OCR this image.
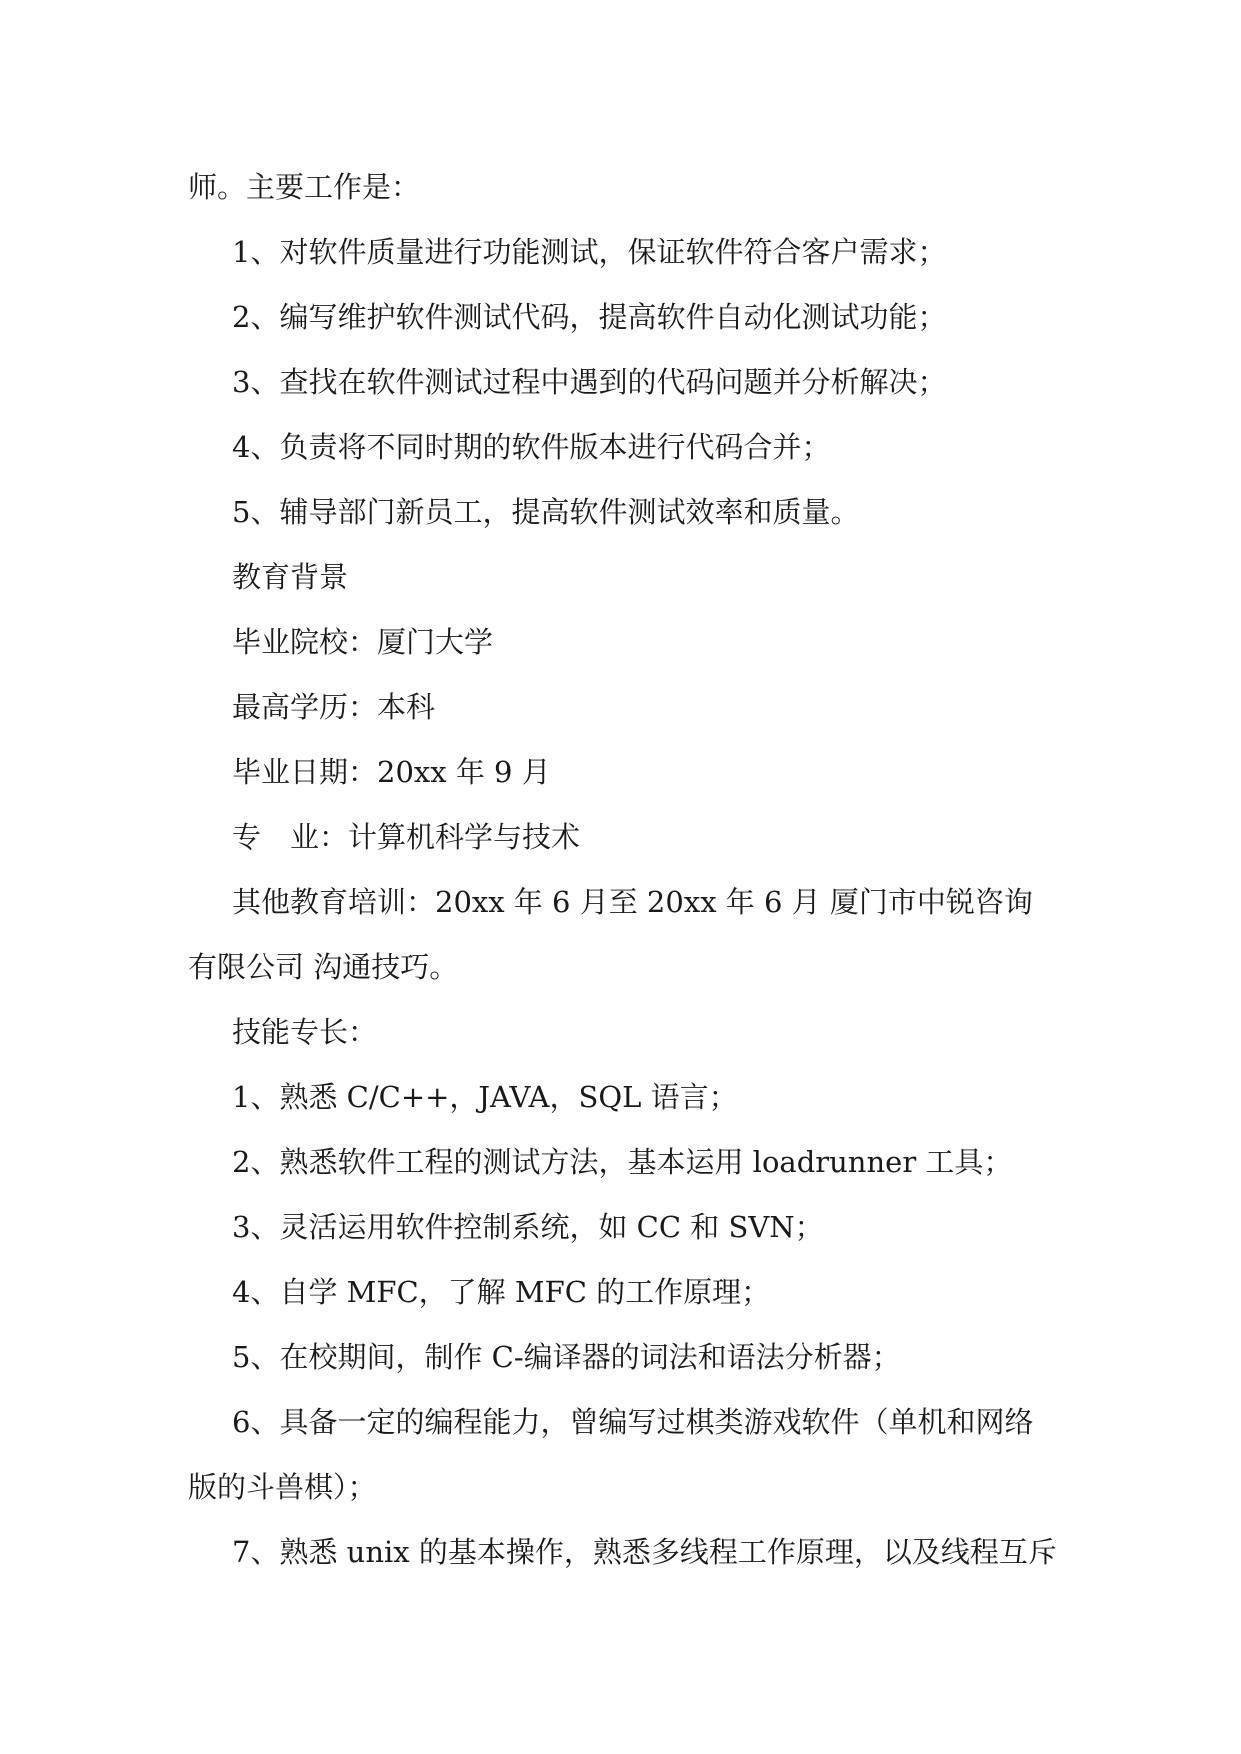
师。主要工作是：

1、对软件质量进行功能测试，保证软件符合客户需求；

2、编写维护软件测试代码，提高软件自动化测试功能；

3、查找在软件测试过程中遇到的代码问题并分析解决；

4、负责将不同时期的软件版本进行代码合并；

5、辅导部门新员工，提高软件测试效率和质量。

教育背景

毕业院校：厦门大学

最高学历：本科

毕业日期：20xx 年 9 月

专　业：计算机科学与技术

其他教育培训：20xx 年 6 月至 20xx 年 6 月 厦门市中锐咨询有限公司 沟通技巧。

技能专长：

1、熟悉 C/C++，JAVA，SQL 语言；

2、熟悉软件工程的测试方法，基本运用 loadrunner 工具；

3、灵活运用软件控制系统，如 CC 和 SVN；

4、自学 MFC，了解 MFC 的工作原理；

5、在校期间，制作 C-编译器的词法和语法分析器；

6、具备一定的编程能力，曾编写过棋类游戏软件（单机和网络版的斗兽棋）；

7、熟悉 unix 的基本操作，熟悉多线程工作原理，以及线程互斥
